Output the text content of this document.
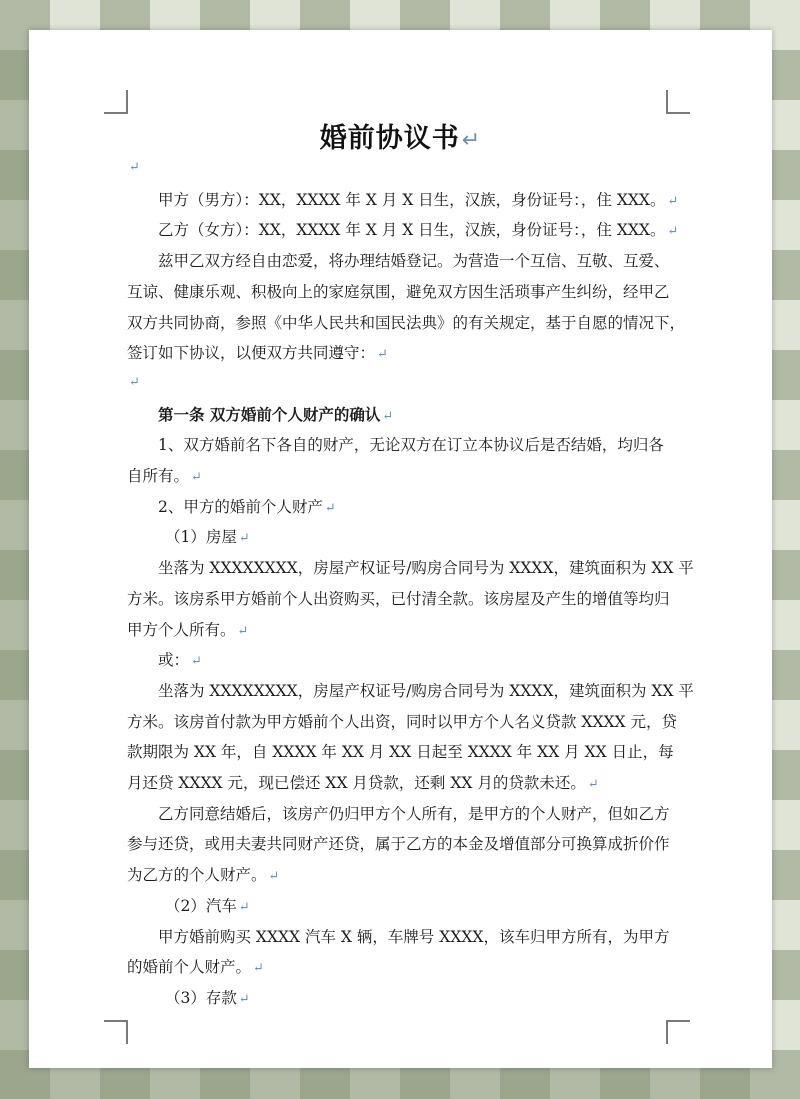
婚前协议书↵
↵
甲方（男方）：XX，XXXX 年 X 月 X 日生，汉族，身份证号：，住 XXX。 ↵
乙方（女方）：XX，XXXX 年 X 月 X 日生，汉族，身份证号：，住 XXX。 ↵
兹甲乙双方经自由恋爱，将办理结婚登记。为营造一个互信、互敬、互爱、
互谅、健康乐观、积极向上的家庭氛围，避免双方因生活琐事产生纠纷，经甲乙
双方共同协商，参照《中华人民共和国民法典》的有关规定，基于自愿的情况下，
签订如下协议，以便双方共同遵守： ↵
↵
第一条 双方婚前个人财产的确认 ↵
1、双方婚前名下各自的财产，无论双方在订立本协议后是否结婚，均归各
自所有。 ↵
2、甲方的婚前个人财产 ↵
（1）房屋 ↵
坐落为 XXXXXXXX，房屋产权证号/购房合同号为 XXXX，建筑面积为 XX 平
方米。该房系甲方婚前个人出资购买，已付清全款。该房屋及产生的增值等均归
甲方个人所有。 ↵
或： ↵
坐落为 XXXXXXXX，房屋产权证号/购房合同号为 XXXX，建筑面积为 XX 平
方米。该房首付款为甲方婚前个人出资，同时以甲方个人名义贷款 XXXX 元，贷
款期限为 XX 年，自 XXXX 年 XX 月 XX 日起至 XXXX 年 XX 月 XX 日止，每
月还贷 XXXX 元，现已偿还 XX 月贷款，还剩 XX 月的贷款未还。 ↵
乙方同意结婚后，该房产仍归甲方个人所有，是甲方的个人财产，但如乙方
参与还贷，或用夫妻共同财产还贷，属于乙方的本金及增值部分可换算成折价作
为乙方的个人财产。 ↵
（2）汽车 ↵
甲方婚前购买 XXXX 汽车 X 辆，车牌号 XXXX，该车归甲方所有，为甲方
的婚前个人财产。 ↵
（3）存款 ↵
